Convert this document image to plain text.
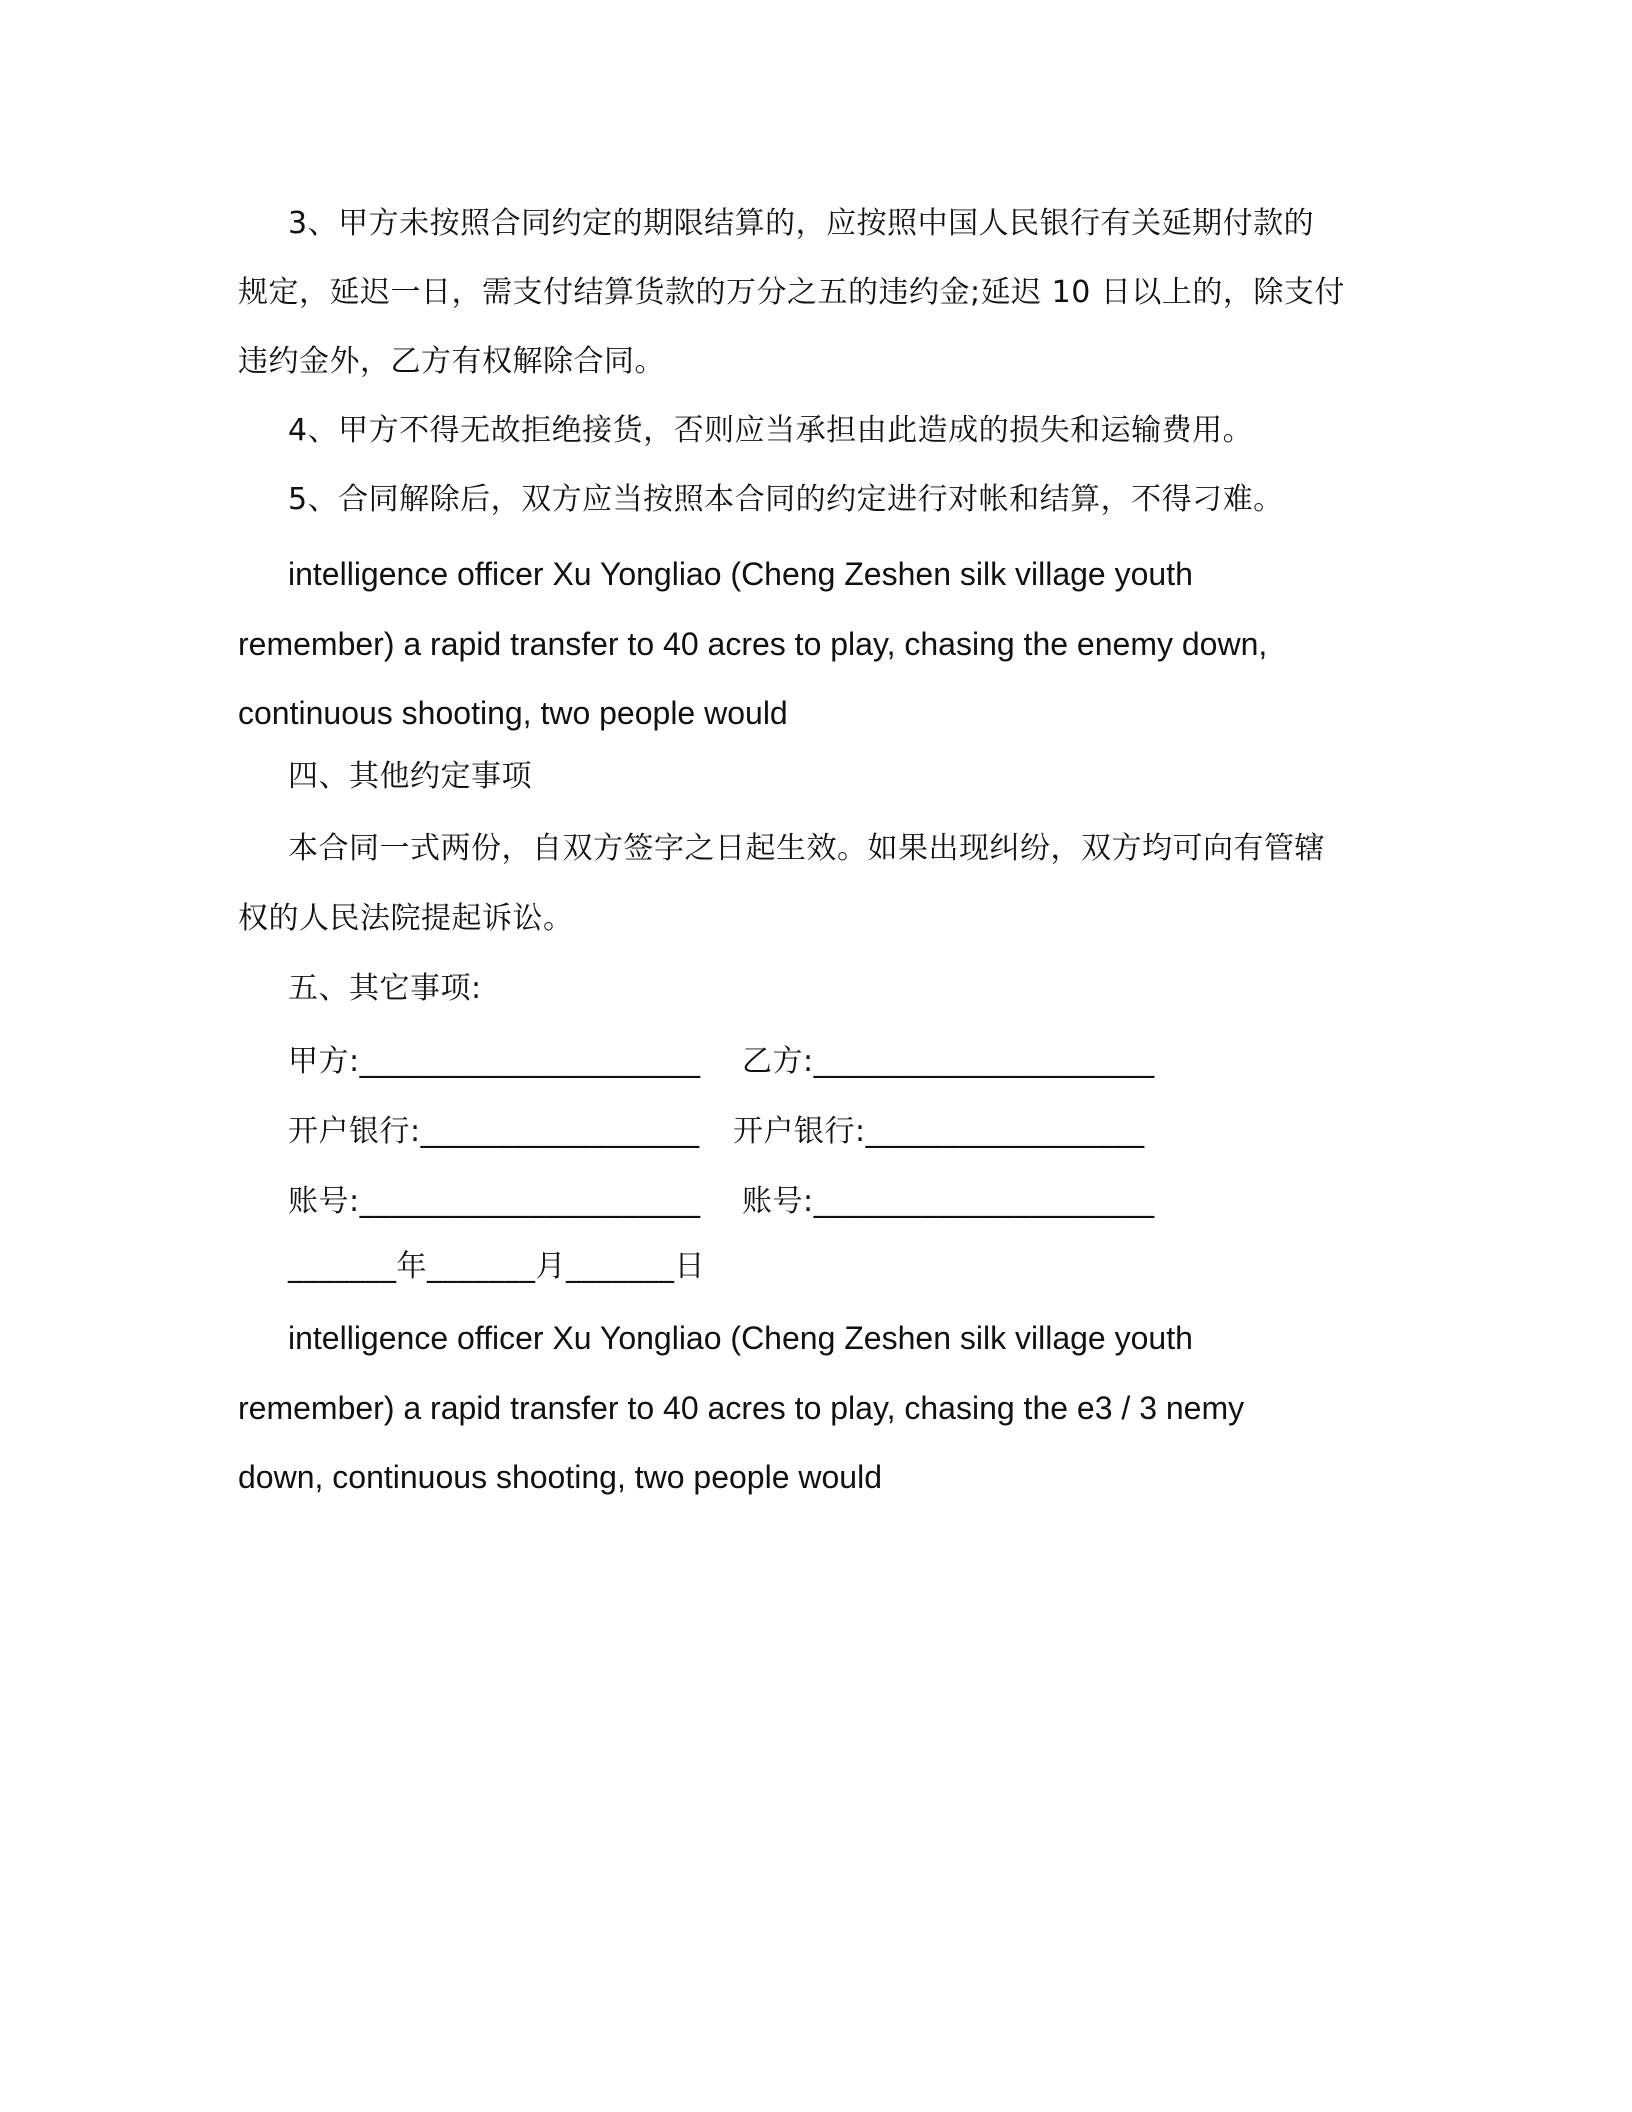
3、甲方未按照合同约定的期限结算的，应按照中国人民银行有关延期付款的
规定，延迟一日，需支付结算货款的万分之五的违约金;延迟 10 日以上的，除支付
违约金外，乙方有权解除合同。
4、甲方不得无故拒绝接货，否则应当承担由此造成的损失和运输费用。
5、合同解除后，双方应当按照本合同的约定进行对帐和结算，不得刁难。
intelligence officer Xu Yongliao (Cheng Zeshen silk village youth
remember) a rapid transfer to 40 acres to play, chasing the enemy down,
continuous shooting, two people would
四、其他约定事项
本合同一式两份，自双方签字之日起生效。如果出现纠纷，双方均可向有管辖
权的人民法院提起诉讼。
五、其它事项:
甲方:______________________ 乙方:______________________
开户银行:__________________ 开户银行:__________________
账号:______________________ 账号:______________________
_______年_______月_______日
intelligence officer Xu Yongliao (Cheng Zeshen silk village youth
remember) a rapid transfer to 40 acres to play, chasing the e3 / 3 nemy
down, continuous shooting, two people would
